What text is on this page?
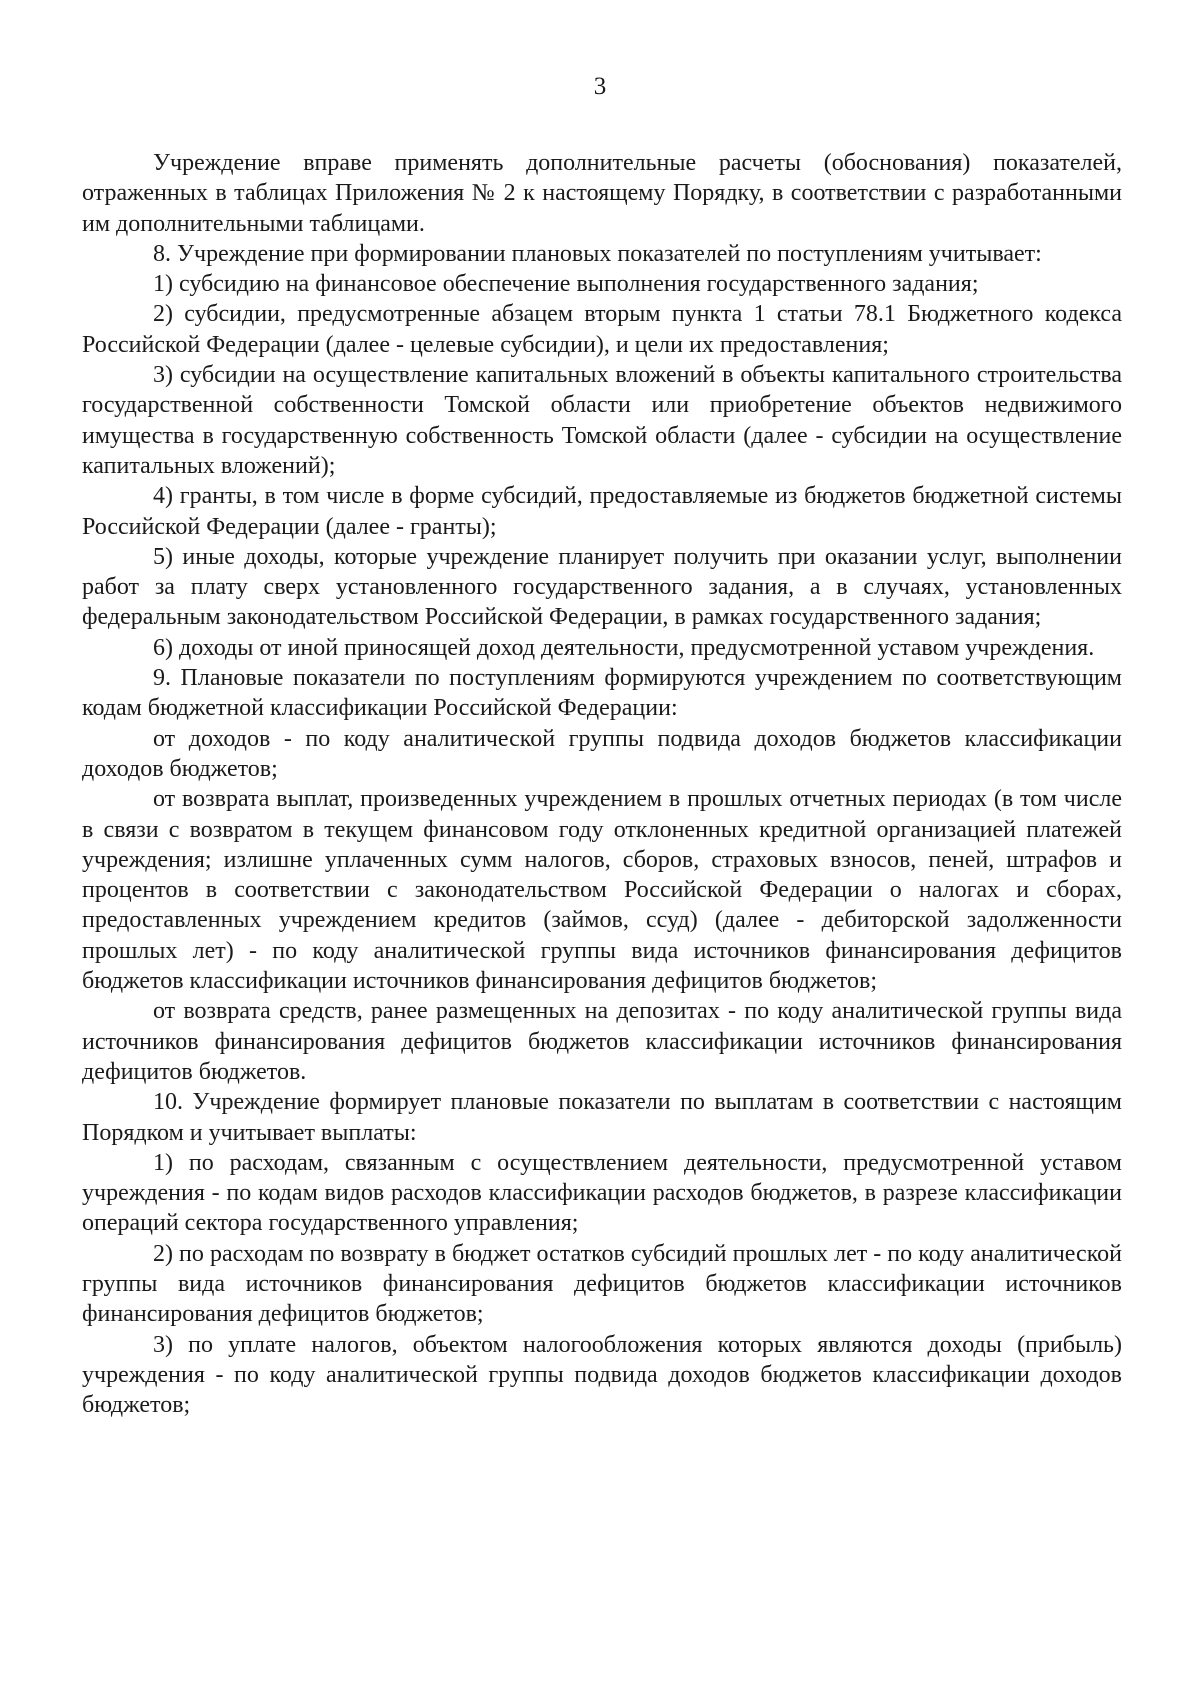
3

Учреждение вправе применять дополнительные расчеты (обоснования) показателей, отраженных в таблицах Приложения № 2 к настоящему Порядку, в соответствии с разработанными им дополнительными таблицами.

8. Учреждение при формировании плановых показателей по поступлениям учитывает:

1) субсидию на финансовое обеспечение выполнения государственного задания;

2) субсидии, предусмотренные абзацем вторым пункта 1 статьи 78.1 Бюджетного кодекса Российской Федерации (далее - целевые субсидии), и цели их предоставления;

3) субсидии на осуществление капитальных вложений в объекты капитального строительства государственной собственности Томской области или приобретение объектов недвижимого имущества в государственную собственность Томской области (далее - субсидии на осуществление капитальных вложений);

4) гранты, в том числе в форме субсидий, предоставляемые из бюджетов бюджетной системы Российской Федерации (далее - гранты);

5) иные доходы, которые учреждение планирует получить при оказании услуг, выполнении работ за плату сверх установленного государственного задания, а в случаях, установленных федеральным законодательством Российской Федерации, в рамках государственного задания;

6) доходы от иной приносящей доход деятельности, предусмотренной уставом учреждения.

9. Плановые показатели по поступлениям формируются учреждением по соответствующим кодам бюджетной классификации Российской Федерации:

от доходов - по коду аналитической группы подвида доходов бюджетов классификации доходов бюджетов;

от возврата выплат, произведенных учреждением в прошлых отчетных периодах (в том числе в связи с возвратом в текущем финансовом году отклоненных кредитной организацией платежей учреждения; излишне уплаченных сумм налогов, сборов, страховых взносов, пеней, штрафов и процентов в соответствии с законодательством Российской Федерации о налогах и сборах, предоставленных учреждением кредитов (займов, ссуд) (далее - дебиторской задолженности прошлых лет) - по коду аналитической группы вида источников финансирования дефицитов бюджетов классификации источников финансирования дефицитов бюджетов;

от возврата средств, ранее размещенных на депозитах - по коду аналитической группы вида источников финансирования дефицитов бюджетов классификации источников финансирования дефицитов бюджетов.

10. Учреждение формирует плановые показатели по выплатам в соответствии с настоящим Порядком и учитывает выплаты:

1) по расходам, связанным с осуществлением деятельности, предусмотренной уставом учреждения - по кодам видов расходов классификации расходов бюджетов, в разрезе классификации операций сектора государственного управления;

2) по расходам по возврату в бюджет остатков субсидий прошлых лет - по коду аналитической группы вида источников финансирования дефицитов бюджетов классификации источников финансирования дефицитов бюджетов;

3) по уплате налогов, объектом налогообложения которых являются доходы (прибыль) учреждения - по коду аналитической группы подвида доходов бюджетов классификации доходов бюджетов;
